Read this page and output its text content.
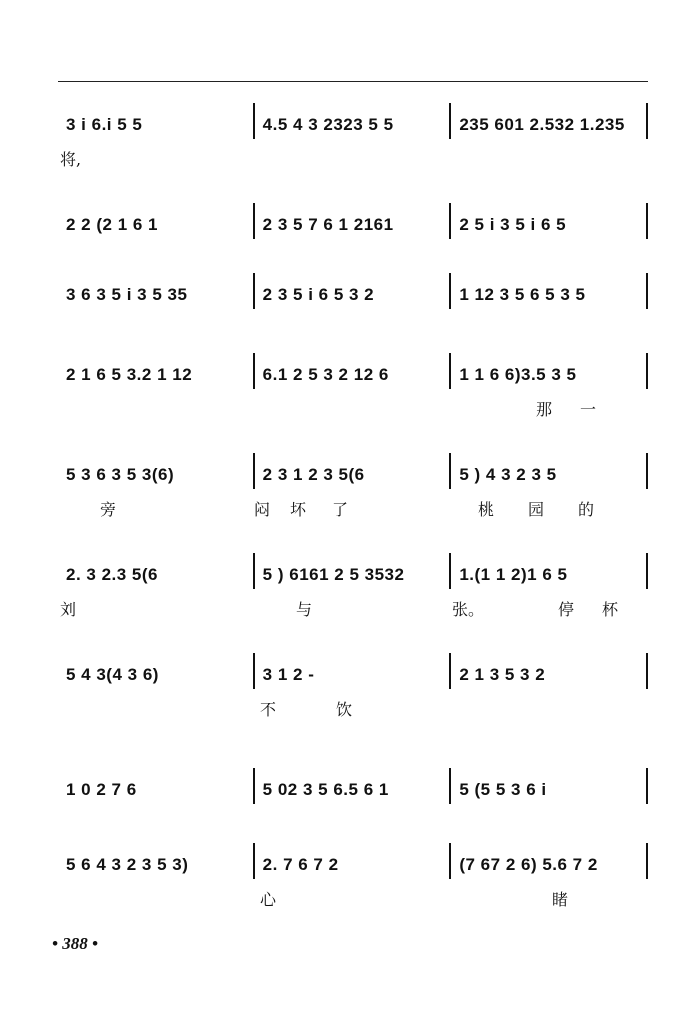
3 i 6.i 5 5	4.5 4 3 2323 5 5	235 601 2.532 1.235
将,
2 2 (2 1 6 1	2 3 5 7 6 1 2161	2 5 i 3 5 i 6 5
3 6 3 5 i 3 5 35	2 3 5 i 6 5 3 2	1 12 3 5 6 5 3 5
2 1 6 5 3.2 1 12	6.1 2 5 3 2 12 6	1 1 6 6)3.5 3 5
那 一
5 3 6 3 5 3(6)	2 3 1 2 3 5(6	5 ) 4 3 2 3 5
旁	闷 坏 了	桃 园 的
2. 3 2.3 5(6	5 ) 6161 2 5 3532	1.(1 1 2)1 6 5
刘	与	张。	停 杯
5 4 3(4 3 6)	3 1 2 -	2 1 3 5 3 2
不	饮
1 0 2 7 6	5 02 3 5 6.5 6 1	5 (5 5 3 6 i
5 6 4 3 2 3 5 3)	2. 7 6 7 2	(7 67 2 6) 5.6 7 2
心	睹
• 388 •
